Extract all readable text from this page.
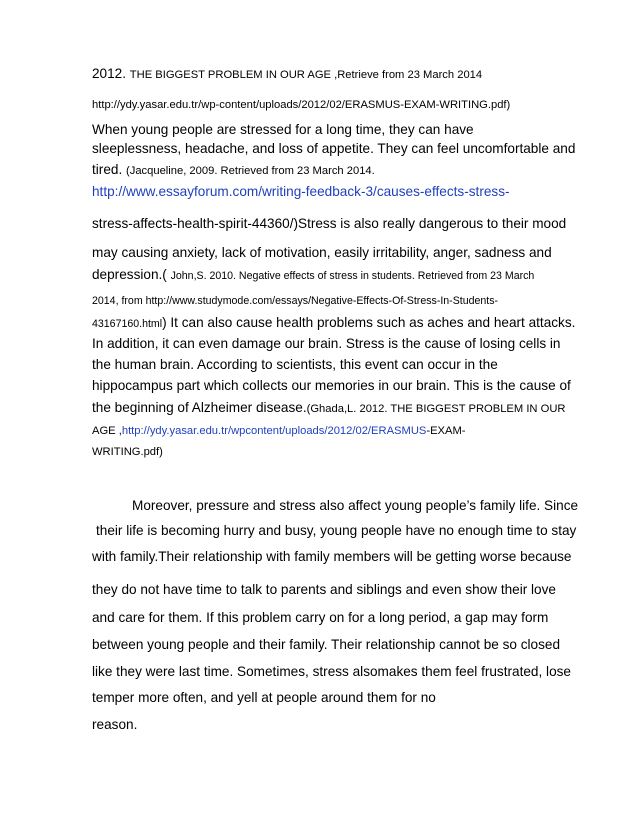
2012. THE BIGGEST PROBLEM IN OUR AGE ,Retrieve from 23 March 2014
http://ydy.yasar.edu.tr/wp-content/uploads/2012/02/ERASMUS-EXAM-WRITING.pdf)
When young people are stressed for a long time, they can have
sleeplessness, headache, and loss of appetite. They can feel uncomfortable and
tired. (Jacqueline, 2009. Retrieved from 23 March 2014.
http://www.essayforum.com/writing-feedback-3/causes-effects-stress-
stress-affects-health-spirit-44360/)Stress is also really dangerous to their mood
may causing anxiety, lack of motivation, easily irritability, anger, sadness and
depression.( John,S. 2010. Negative effects of stress in students. Retrieved from 23 March
2014, from http://www.studymode.com/essays/Negative-Effects-Of-Stress-In-Students-
43167160.html) It can also cause health problems such as aches and heart attacks.
In addition, it can even damage our brain. Stress is the cause of losing cells in
the human brain. According to scientists, this event can occur in the
hippocampus part which collects our memories in our brain. This is the cause of
the beginning of Alzheimer disease.(Ghada,L. 2012. THE BIGGEST PROBLEM IN OUR
AGE ,http://ydy.yasar.edu.tr/wpcontent/uploads/2012/02/ERASMUS-EXAM-
WRITING.pdf)
Moreover, pressure and stress also affect young people’s family life. Since
their life is becoming hurry and busy, young people have no enough time to stay
with family.Their relationship with family members will be getting worse because
they do not have time to talk to parents and siblings and even show their love
and care for them. If this problem carry on for a long period, a gap may form
between young people and their family. Their relationship cannot be so closed
like they were last time. Sometimes, stress alsomakes them feel frustrated, lose
temper more often, and yell at people around them for no
reason.
